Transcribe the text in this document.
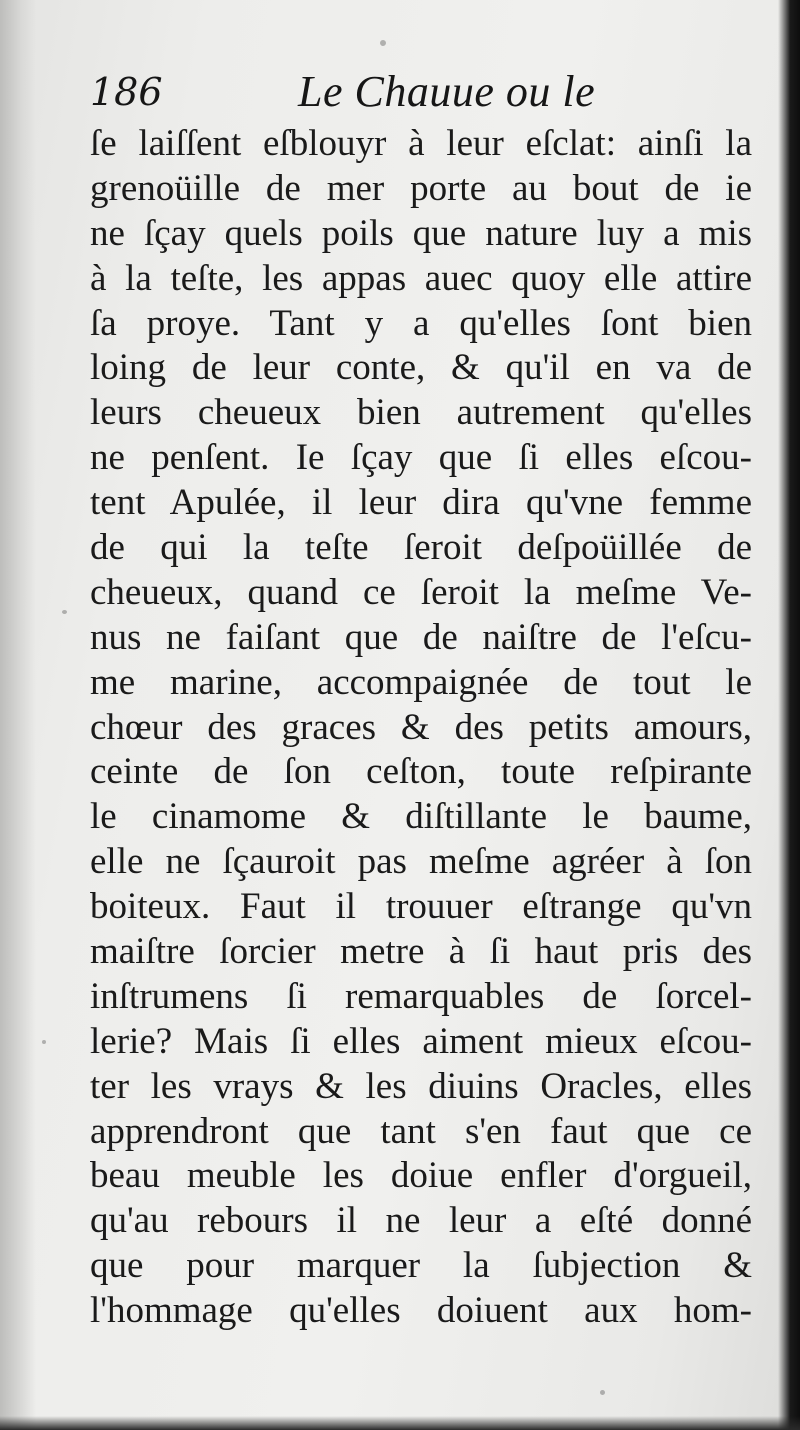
186	Le Chauue ou le
ſe laiſſent eſblouyr à leur eſclat: ainſi la
grenoüille de mer porte au bout de ie
ne ſçay quels poils que nature luy a mis
à la teſte, les appas auec quoy elle attire
ſa proye. Tant y a qu'elles ſont bien
loing de leur conte, & qu'il en va de
leurs cheueux bien autrement qu'elles
ne penſent. Ie ſçay que ſi elles eſcou-
tent Apulée, il leur dira qu'vne femme
de qui la teſte ſeroit deſpoüillée de
cheueux, quand ce ſeroit la meſme Ve-
nus ne faiſant que de naiſtre de l'eſcu-
me marine, accompaignée de tout le
chœur des graces & des petits amours,
ceinte de ſon ceſton, toute reſpirante
le cinamome & diſtillante le baume,
elle ne ſçauroit pas meſme agréer à ſon
boiteux. Faut il trouuer eſtrange qu'vn
maiſtre ſorcier metre à ſi haut pris des
inſtrumens ſi remarquables de ſorcel-
lerie? Mais ſi elles aiment mieux eſcou-
ter les vrays & les diuins Oracles, elles
apprendront que tant s'en faut que ce
beau meuble les doiue enfler d'orgueil,
qu'au rebours il ne leur a eſté donné
que pour marquer la ſubjection &
l'hommage qu'elles doiuent aux hom-
